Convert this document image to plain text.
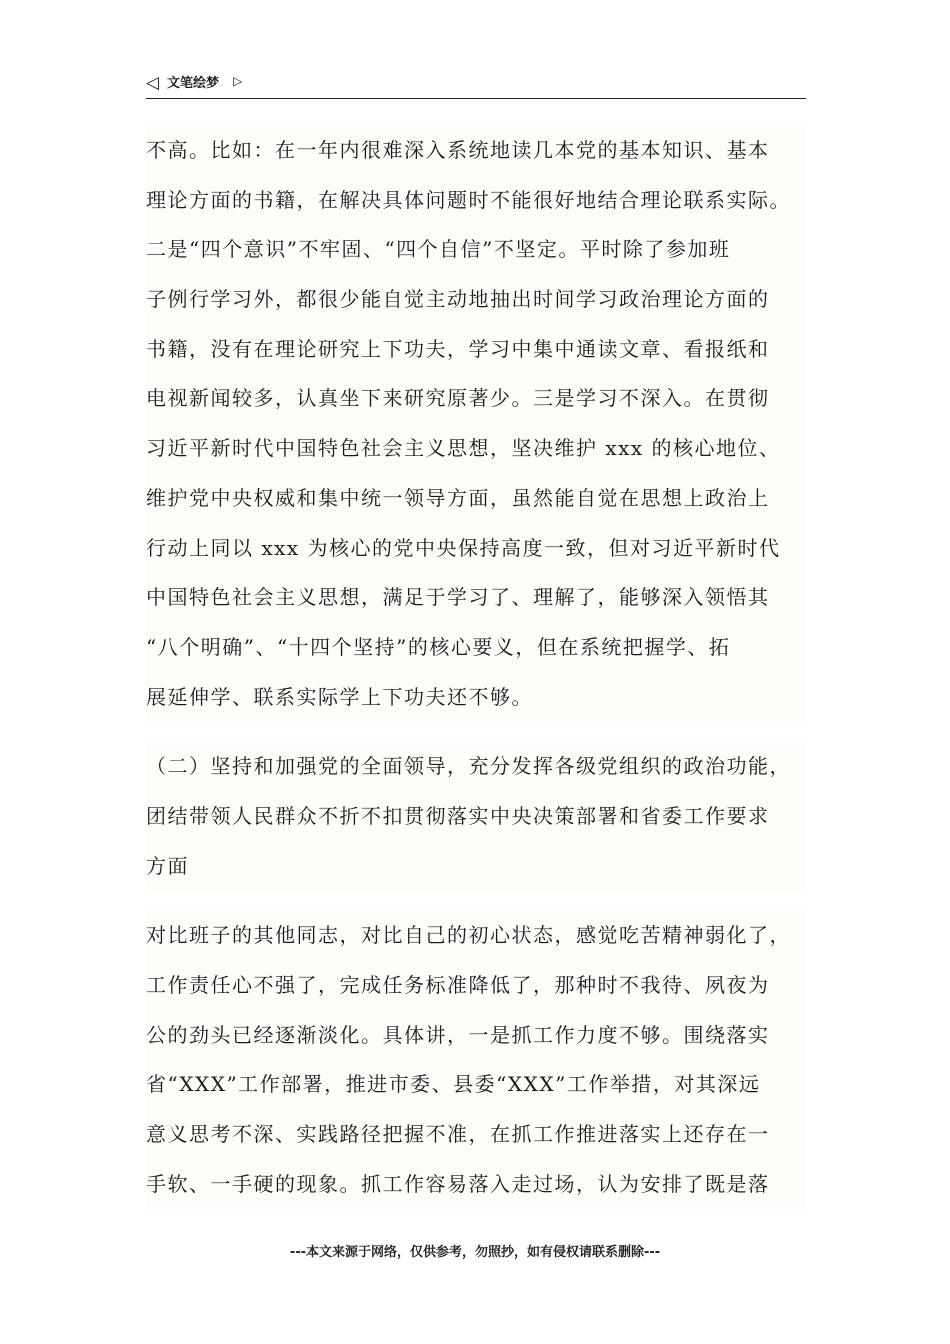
◁ 文笔绘梦 ▷
不高。比如：在一年内很难深入系统地读几本党的基本知识、基本
理论方面的书籍，在解决具体问题时不能很好地结合理论联系实际。
二是“四个意识”不牢固、“四个自信”不坚定。平时除了参加班
子例行学习外，都很少能自觉主动地抽出时间学习政治理论方面的
书籍，没有在理论研究上下功夫，学习中集中通读文章、看报纸和
电视新闻较多，认真坐下来研究原著少。三是学习不深入。在贯彻
习近平新时代中国特色社会主义思想，坚决维护 xxx 的核心地位、
维护党中央权威和集中统一领导方面，虽然能自觉在思想上政治上
行动上同以 xxx 为核心的党中央保持高度一致，但对习近平新时代
中国特色社会主义思想，满足于学习了、理解了，能够深入领悟其
“八个明确”、“十四个坚持”的核心要义，但在系统把握学、拓
展延伸学、联系实际学上下功夫还不够。
（二）坚持和加强党的全面领导，充分发挥各级党组织的政治功能，
团结带领人民群众不折不扣贯彻落实中央决策部署和省委工作要求
方面
对比班子的其他同志，对比自己的初心状态，感觉吃苦精神弱化了，
工作责任心不强了，完成任务标准降低了，那种时不我待、夙夜为
公的劲头已经逐渐淡化。具体讲，一是抓工作力度不够。围绕落实
省“XXX”工作部署，推进市委、县委“XXX”工作举措，对其深远
意义思考不深、实践路径把握不准，在抓工作推进落实上还存在一
手软、一手硬的现象。抓工作容易落入走过场，认为安排了既是落
---本文来源于网络，仅供参考，勿照抄，如有侵权请联系删除---
